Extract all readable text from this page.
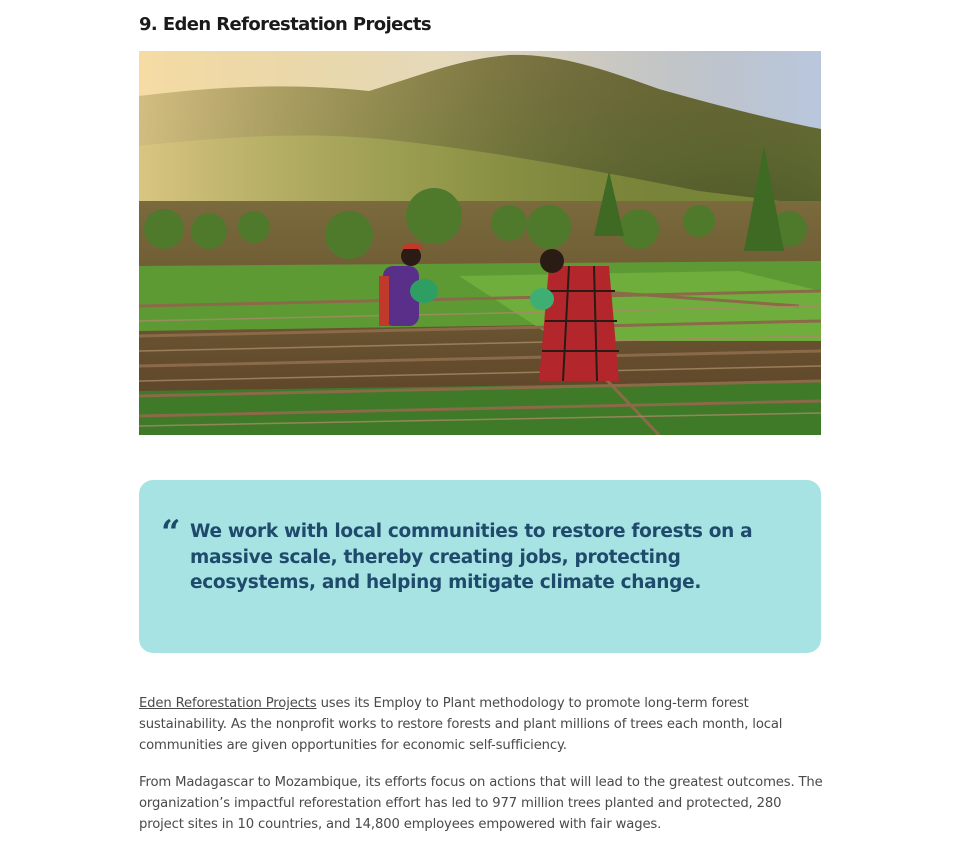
9. Eden Reforestation Projects
“ We work with local communities to restore forests on a massive scale, thereby creating jobs, protecting ecosystems, and helping mitigate climate change.

Eden Reforestation Projects uses its Employ to Plant methodology to promote long-term forest sustainability. As the nonprofit works to restore forests and plant millions of trees each month, local communities are given opportunities for economic self-sufficiency.

From Madagascar to Mozambique, its efforts focus on actions that will lead to the greatest outcomes. The organization’s impactful reforestation effort has led to 977 million trees planted and protected, 280 project sites in 10 countries, and 14,800 employees empowered with fair wages.
